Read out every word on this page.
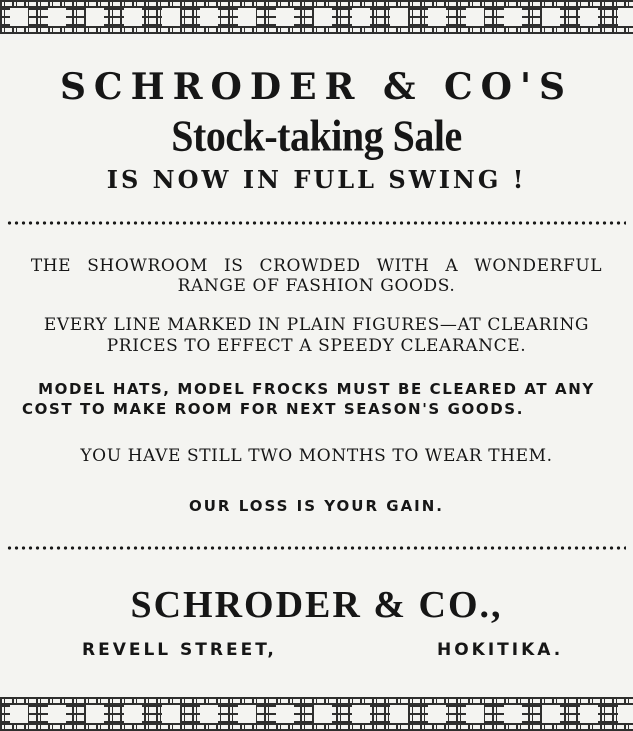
SCHRODER & CO'S
Stock-taking Sale
IS NOW IN FULL SWING !
THE SHOWROOM IS CROWDED WITH A WONDERFUL
RANGE OF FASHION GOODS.
EVERY LINE MARKED IN PLAIN FIGURES—AT CLEARING
PRICES TO EFFECT A SPEEDY CLEARANCE.
MODEL HATS, MODEL FROCKS MUST BE CLEARED AT ANY
COST TO MAKE ROOM FOR NEXT SEASON'S GOODS.
YOU HAVE STILL TWO MONTHS TO WEAR THEM.
OUR LOSS IS YOUR GAIN.
SCHRODER & CO.,
REVELL STREET,	HOKITIKA.
